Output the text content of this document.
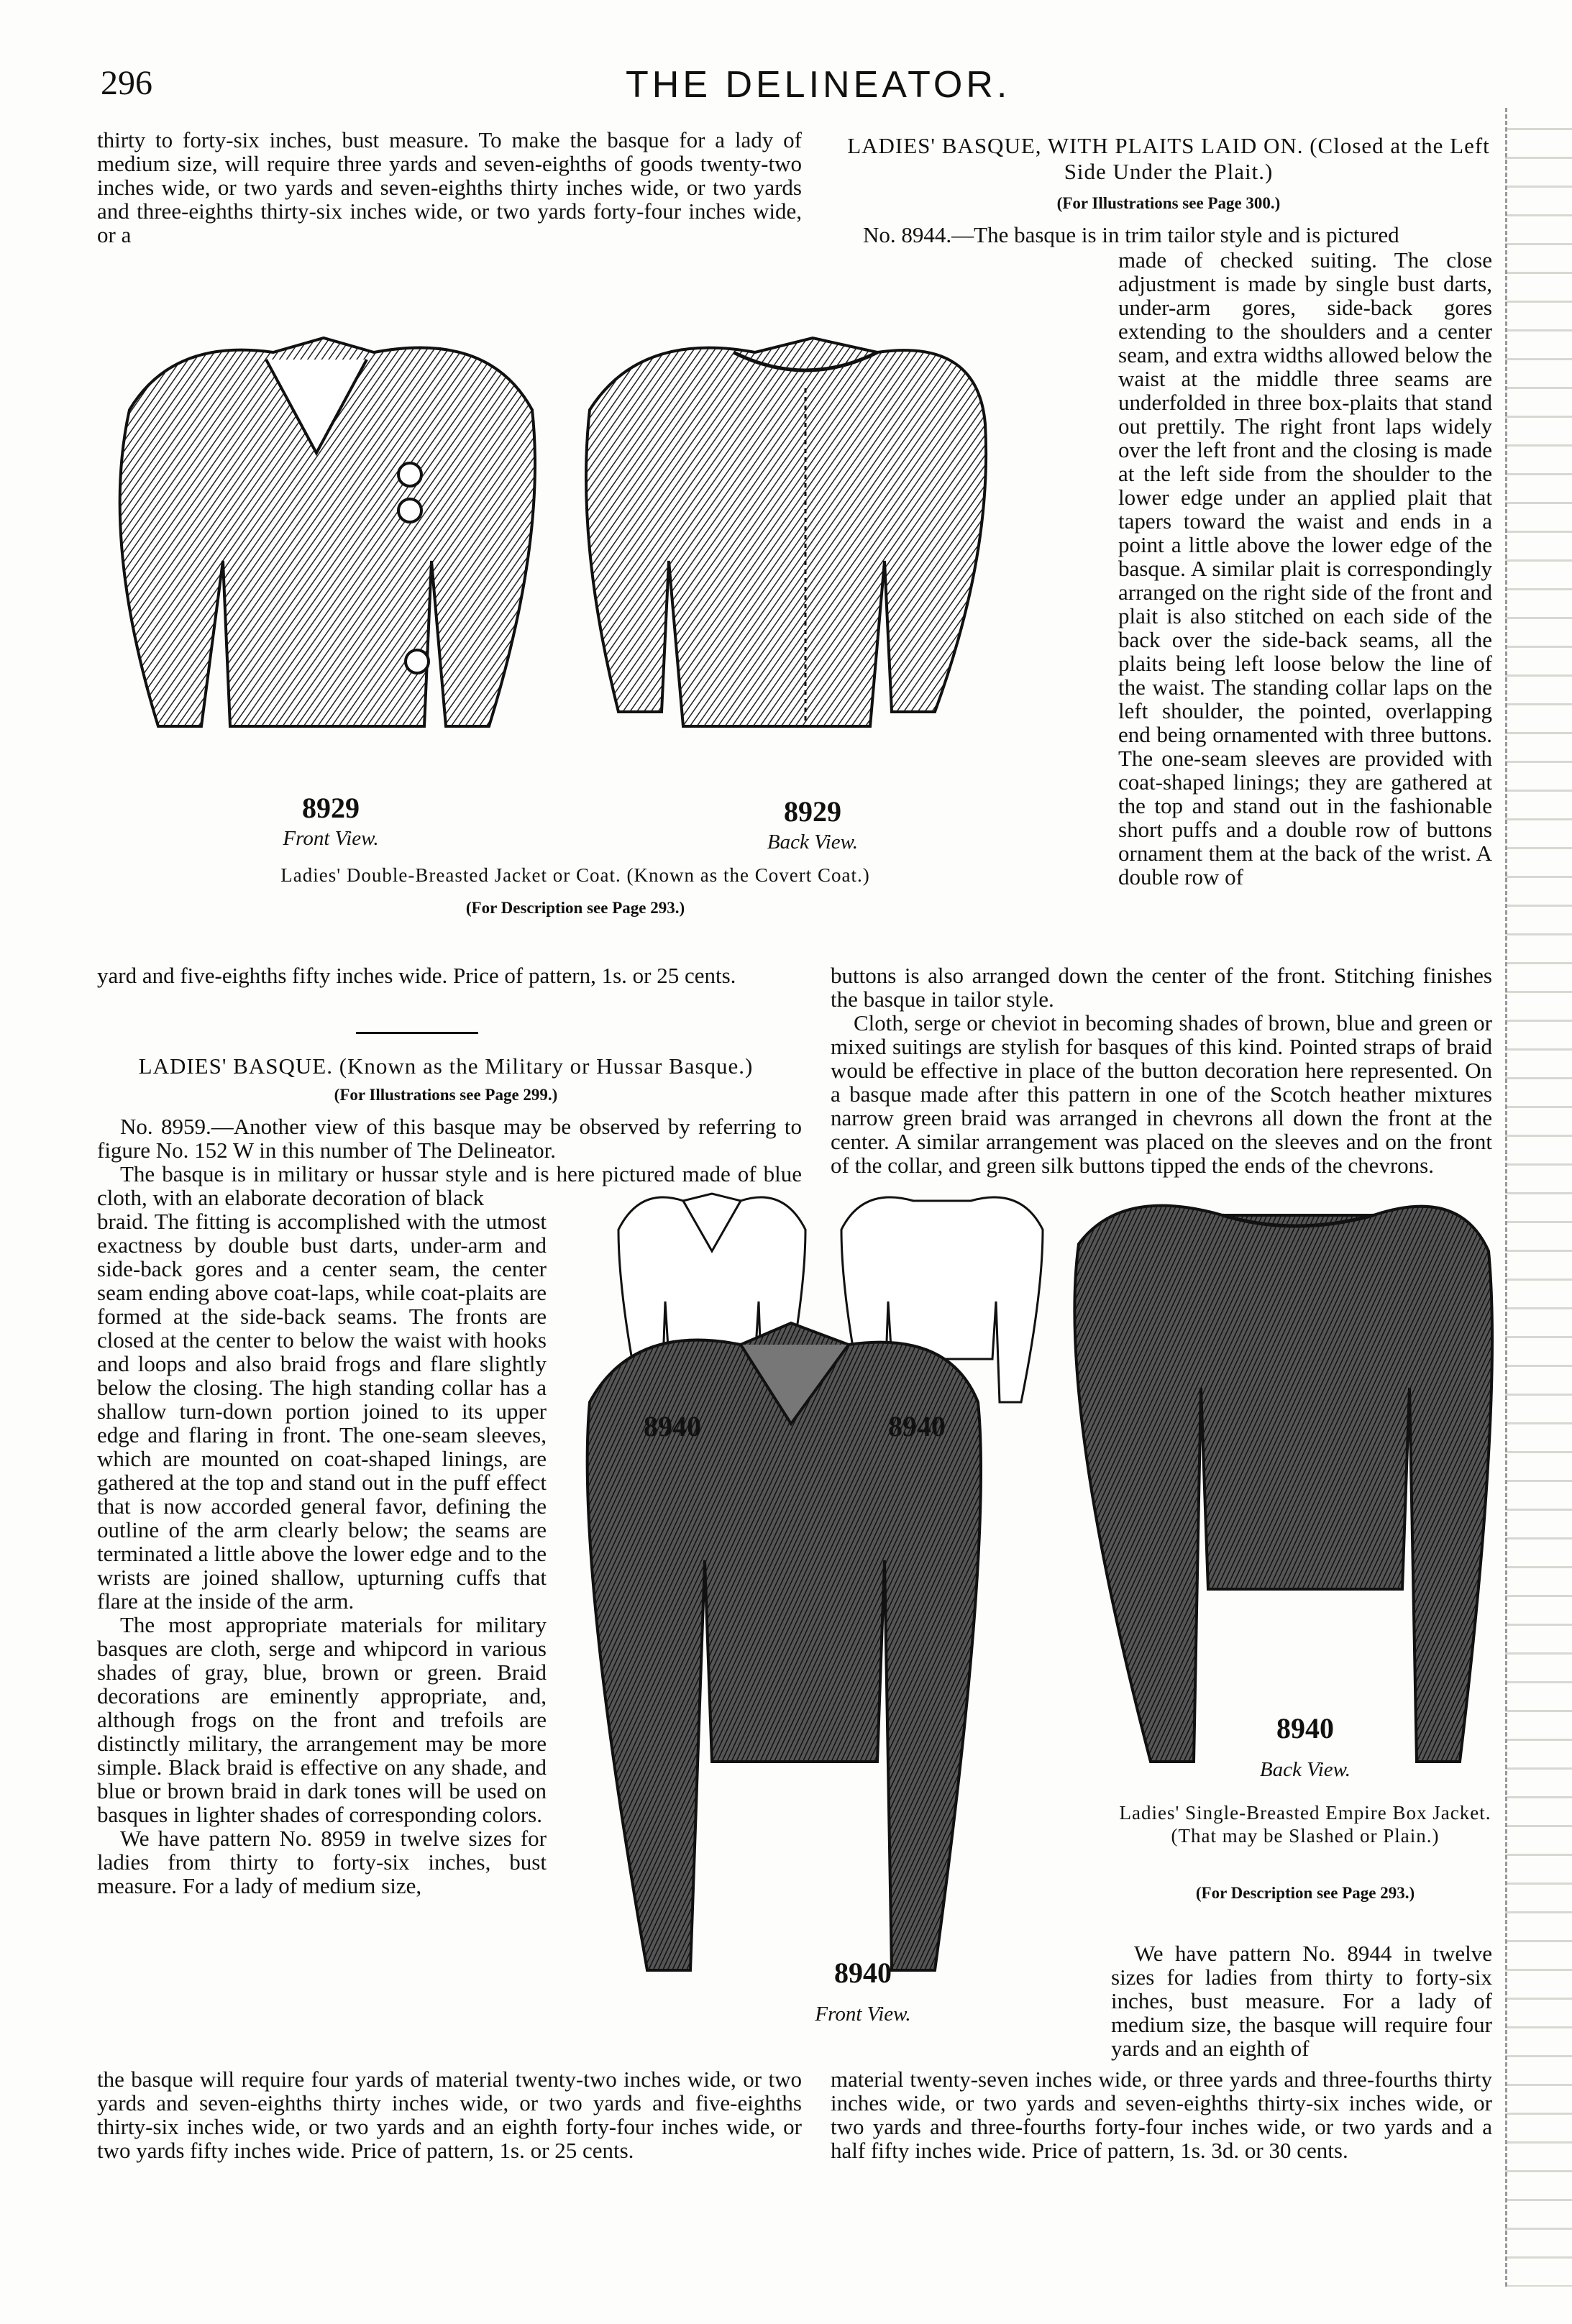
296	THE DELINEATOR.

thirty to forty-six inches, bust measure. To make the basque for a lady of medium size, will require three yards and seven-eighths of goods twenty-two inches wide, or two yards and seven-eighths thirty inches wide, or two yards and three-eighths thirty-six inches wide, or two yards forty-four inches wide, or a

8929
Front View.
8929
Back View.
Ladies' Double-Breasted Jacket or Coat. (Known as the Covert Coat.)
(For Description see Page 293.)

yard and five-eighths fifty inches wide. Price of pattern, 1s. or 25 cents.

LADIES' BASQUE. (Known as the Military or Hussar Basque.)
(For Illustrations see Page 299.)

No. 8959.—Another view of this basque may be observed by referring to figure No. 152 W in this number of The Delineator.

The basque is in military or hussar style and is here pictured made of blue cloth, with an elaborate decoration of black

braid. The fitting is accomplished with the utmost exactness by double bust darts, under-arm and side-back gores and a center seam, the center seam ending above coat-laps, while coat-plaits are formed at the side-back seams. The fronts are closed at the center to below the waist with hooks and loops and also braid frogs and flare slightly below the closing. The high standing collar has a shallow turn-down portion joined to its upper edge and flaring in front. The one-seam sleeves, which are mounted on coat-shaped linings, are gathered at the top and stand out in the puff effect that is now accorded general favor, defining the outline of the arm clearly below; the seams are terminated a little above the lower edge and to the wrists are joined shallow, upturning cuffs that flare at the inside of the arm.

The most appropriate materials for military basques are cloth, serge and whipcord in various shades of gray, blue, brown or green. Braid decorations are eminently appropriate, and, although frogs on the front and trefoils are distinctly military, the arrangement may be more simple. Black braid is effective on any shade, and blue or brown braid in dark tones will be used on basques in lighter shades of corresponding colors.

We have pattern No. 8959 in twelve sizes for ladies from thirty to forty-six inches, bust measure. For a lady of medium size,

the basque will require four yards of material twenty-two inches wide, or two yards and seven-eighths thirty inches wide, or two yards and five-eighths thirty-six inches wide, or two yards and an eighth forty-four inches wide, or two yards fifty inches wide. Price of pattern, 1s. or 25 cents.

LADIES' BASQUE, WITH PLAITS LAID ON. (Closed at the Left Side Under the Plait.)
(For Illustrations see Page 300.)

No. 8944.—The basque is in trim tailor style and is pictured

made of checked suiting. The close adjustment is made by single bust darts, under-arm gores, side-back gores extending to the shoulders and a center seam, and extra widths allowed below the waist at the middle three seams are underfolded in three box-plaits that stand out prettily. The right front laps widely over the left front and the closing is made at the left side from the shoulder to the lower edge under an applied plait that tapers toward the waist and ends in a point a little above the lower edge of the basque. A similar plait is correspondingly arranged on the right side of the front and plait is also stitched on each side of the back over the side-back seams, all the plaits being left loose below the line of the waist. The standing collar laps on the left shoulder, the pointed, overlapping end being ornamented with three buttons. The one-seam sleeves are provided with coat-shaped linings; they are gathered at the top and stand out in the fashionable short puffs and a double row of buttons ornament them at the back of the wrist. A double row of

buttons is also arranged down the center of the front. Stitching finishes the basque in tailor style.

Cloth, serge or cheviot in becoming shades of brown, blue and green or mixed suitings are stylish for basques of this kind. Pointed straps of braid would be effective in place of the button decoration here represented. On a basque made after this pattern in one of the Scotch heather mixtures narrow green braid was arranged in chevrons all down the front at the center. A similar arrangement was placed on the sleeves and on the front of the collar, and green silk buttons tipped the ends of the chevrons.

8940	8940
8940
Front View.
8940
Back View.
Ladies' Single-Breasted Empire Box Jacket. (That may be Slashed or Plain.)
(For Description see Page 293.)

We have pattern No. 8944 in twelve sizes for ladies from thirty to forty-six inches, bust measure. For a lady of medium size, the basque will require four yards and an eighth of

material twenty-seven inches wide, or three yards and three-fourths thirty inches wide, or two yards and seven-eighths thirty-six inches wide, or two yards and three-fourths forty-four inches wide, or two yards and a half fifty inches wide. Price of pattern, 1s. 3d. or 30 cents.
